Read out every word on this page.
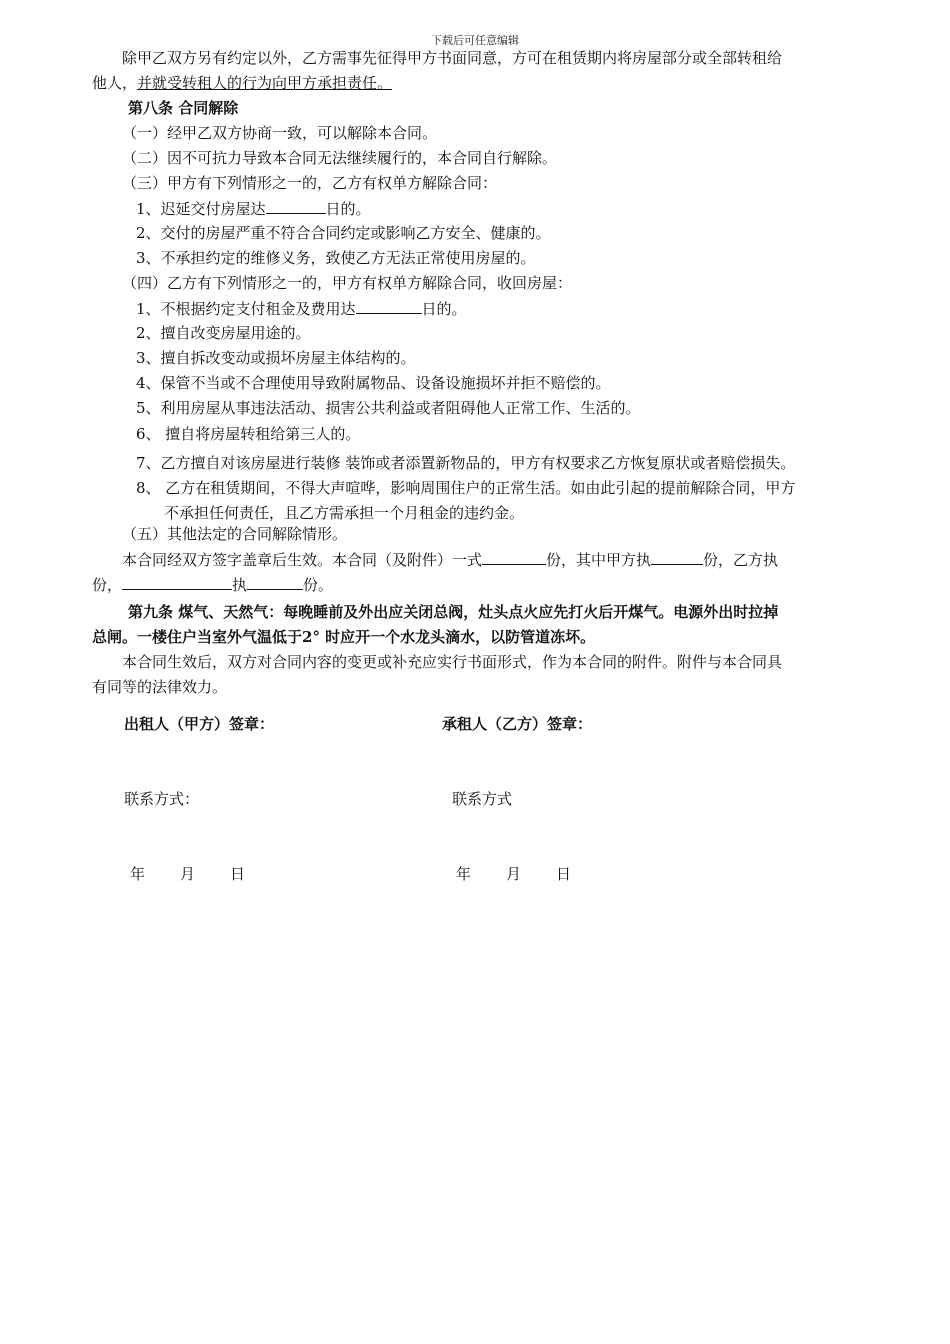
下载后可任意编辑
除甲乙双方另有约定以外，乙方需事先征得甲方书面同意，方可在租赁期内将房屋部分或全部转租给
他人，并就受转租人的行为向甲方承担责任。
第八条 合同解除
（一）经甲乙双方协商一致，可以解除本合同。
（二）因不可抗力导致本合同无法继续履行的，本合同自行解除。
（三）甲方有下列情形之一的，乙方有权单方解除合同：
1、迟延交付房屋达	日的。
2、交付的房屋严重不符合合同约定或影响乙方安全、健康的。
3、不承担约定的维修义务，致使乙方无法正常使用房屋的。
（四）乙方有下列情形之一的，甲方有权单方解除合同，收回房屋：
1、不根据约定支付租金及费用达	日的。
2、擅自改变房屋用途的。
3、擅自拆改变动或损坏房屋主体结构的。
4、保管不当或不合理使用导致附属物品、设备设施损坏并拒不赔偿的。
5、利用房屋从事违法活动、损害公共利益或者阻碍他人正常工作、生活的。
6、 擅自将房屋转租给第三人的。
7、乙方擅自对该房屋进行装修 装饰或者添置新物品的，甲方有权要求乙方恢复原状或者赔偿损失。
8、 乙方在租赁期间，不得大声喧哗，影响周围住户的正常生活。如由此引起的提前解除合同，甲方
不承担任何责任，且乙方需承担一个月租金的违约金。
（五）其他法定的合同解除情形。
本合同经双方签字盖章后生效。本合同（及附件）一式	份，其中甲方执	份，乙方执
份，	执	份。
第九条 煤气、天然气：每晚睡前及外出应关闭总阀，灶头点火应先打火后开煤气。电源外出时拉掉
总闸。一楼住户当室外气温低于2° 时应开一个水龙头滴水，以防管道冻坏。
本合同生效后，双方对合同内容的变更或补充应实行书面形式，作为本合同的附件。附件与本合同具
有同等的法律效力。
出租人（甲方）签章：	承租人（乙方）签章：
联系方式：	联系方式
年 月 日	年 月 日
